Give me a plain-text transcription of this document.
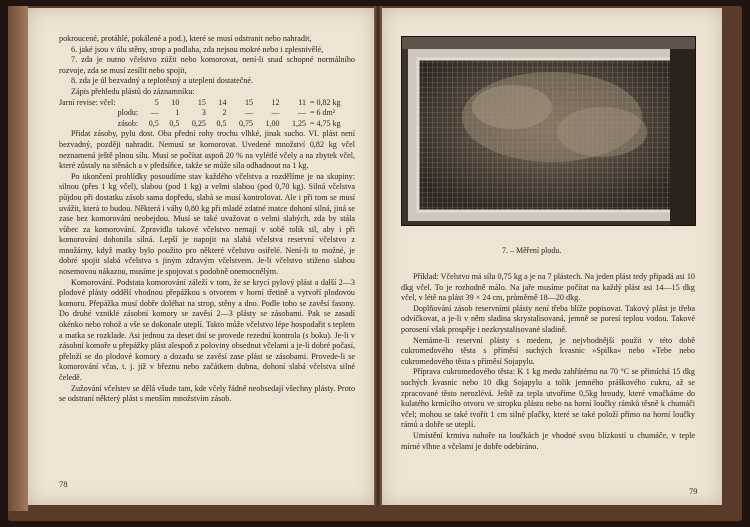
pokroucené, protáhlé, pokálené a pod.), které se musí odstranit nebo nahradit,

6. jaké jsou v úlu stěny, strop a podlaha, zda nejsou mokré nebo i zplesnivělé,

7. zda je nutno včelstvo zúžit nebo komorovat, není-li snad schopné normálního rozvoje, zda se musí zesílit nebo spojit,

8. zda je úl bezvadný a teplotěsný a utepleni dostatečné.

Zápis přehledu plástů do záznamníku:

Jarní revise: včel:	5	10	15	14	15	12	11	= 0,82 kg
plodu:	—	1	3	2	—	—	—	= 6 dm²
zásob:	0,5	0,5	0,25	0,5	0,75	1,00	1,25	= 4,75 kg

Přidat zásoby, pylu dost. Oba přední rohy trochu vlhké, jinak sucho. VI. plást není bezvadný, později nahradit. Nemusí se komorovat. Uvedené množství 0,82 kg včel neznamená ještě plnou sílu. Musí se počítat aspoň 20 % na vylétlé včely a na zbytek včel, které zůstaly na stěnách a v předsíňce, takže se může síla odhadnout na 1 kg.

Po ukončení prohlídky posoudíme stav každého včelstva a rozdělíme je na skupiny: silnou (přes 1 kg včel), slabou (pod 1 kg) a velmi slabou (pod 0,70 kg). Silná včelstva půjdou při dostatku zásob sama dopředu, slabá se musí kontrolovat. Ale i při tom se musí uvážit, která to budou. Některá i váhy 0,80 kg při mladé zdatné matce dohoní silná, jiná se zase bez komorování neobejdou. Musí se také uvažovat o velmi slabých, zda by stála vůbec za komorování. Zpravidla takové včelstvo nemají v sobě tolik sil, aby i při komorování dohonila silná. Lepší je napojit na slabá včelstva reservní včelstvo z množárny, když matky bylo použito pro některé včelstvo osiřelé. Není-li to možné, je dobré spojit slabá včelstva s jiným zdravým včelstvem. Je-li včelstvo stiženo slabou nosemovou nákazou, musíme je spojovat s podobně onemocnělým.

Komorování. Podstata komorování záleží v tom, že se krycí pylový plást a další 2—3 plodové plásty oddělí vhodnou přepážkou s otvorem v horní třetině a vytvoří plodovou komoru. Přepážka musí dobře doléhat na strop, stěny a dno. Podle toho se zavěsí fasony. Do druhé vzniklé zásobní komory se zavěsí 2—3 plásty se zásobami. Pak se zasadí okénko nebo rohož a vše se dokonale uteplí. Takto může včelstvo lépe hospodařit s teplem a matka se rozklade. Asi jednou za deset dní se provede rezední kontrola (s boku). Je-li v zásobní komoře u přepážky plást alespoň z poloviny obsednut včelami a je-li dobré počasí, přeloží se do plodové komory a dozadu se zavěsí zase plást se zásobami. Provede-li se komorování včas, t. j. již v březnu nebo začátkem dubna, dohoní slabá včelstva silné čeledě.

Zužování včelstev se dělá všude tam, kde včely řádně neobsedají všechny plásty. Proto se odstraní některý plást s menším množstvím zásob.

78
7. – Měření plodu.

Příklad: Včelstvo má sílu 0,75 kg a je na 7 plástech. Na jeden plást tedy připadá asi 10 dkg včel. To je rozhodně málo. Na jaře musíme počítat na každý plást asi 14—15 dkg včel, v létě na plást 39 × 24 cm, průměrně 18—20 dkg.

Doplňování zásob reservními plásty není třeba blíže popisovat. Takový plást je třeba odvíčkovat, a je-li v něm sladina skrystalisovaná, jemně se poresí teplou vodou. Takové porosení však prospěje i nezkrystalisované sladině.

Nemáme-li reservní plásty s medem, je nejvhodnější použít v této době cukromedového těsta s příměsí suchých kvasnic »Spilka« nebo »Tebe nebo cukromedového těsta s příměsí Sojapylu.

Příprava cukromedového těsta: K 1 kg medu zahřátému na 70 °C se přimíchá 15 dkg suchých kvasnic nebo 10 dkg Sojapylu a tolik jemného práškového cukru, až se zpracované těsto nerozlévá. Ještě za tepla utvoříme 0,5kg hroudy, které vmačkáme do kulatého krmícího otvoru ve stropku plástu nebo na horní loučky rámků těsně k chumáči včel; mohou se také tvořit 1 cm silné plačky, které se také položí přímo na horní loučky rámů a dobře se uteplí.

Umístění krmiva nahoře na loučkách je vhodné svou blízkostí u chumáče, v teple mírné vlhne a včelami je dobře odebíráno.

79
